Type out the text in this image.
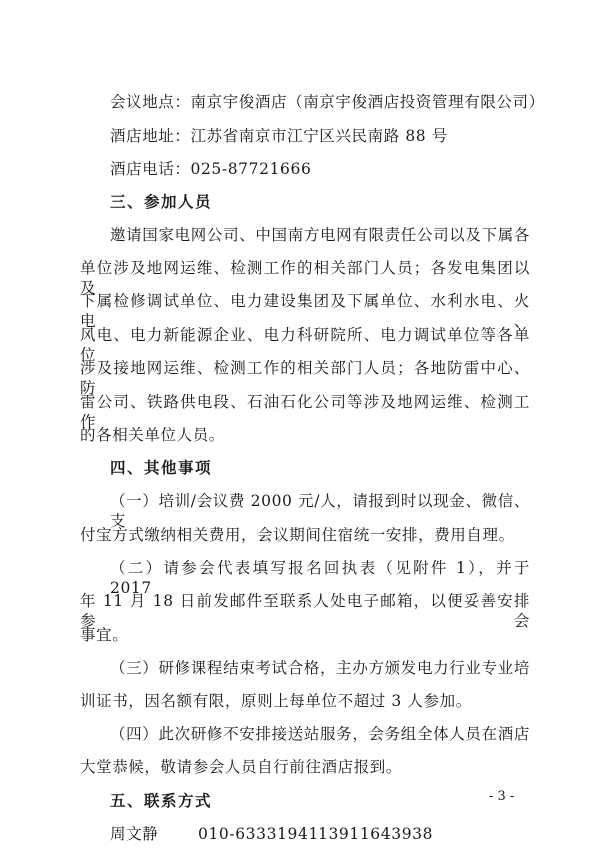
会议地点：南京宇俊酒店（南京宇俊酒店投资管理有限公司）
酒店地址：江苏省南京市江宁区兴民南路 88 号
酒店电话：025-87721666
三、参加人员
邀请国家电网公司、中国南方电网有限责任公司以及下属各
单位涉及地网运维、检测工作的相关部门人员；各发电集团以及
下属检修调试单位、电力建设集团及下属单位、水利水电、火电、
风电、电力新能源企业、电力科研院所、电力调试单位等各单位
涉及接地网运维、检测工作的相关部门人员；各地防雷中心、防
雷公司、铁路供电段、石油石化公司等涉及地网运维、检测工作
的各相关单位人员。
四、其他事项
（一）培训/会议费 2000 元/人，请报到时以现金、微信、支
付宝方式缴纳相关费用，会议期间住宿统一安排，费用自理。
（二）请参会代表填写报名回执表（见附件 1），并于 2017
年 11 月 18 日前发邮件至联系人处电子邮箱，以便妥善安排参会
事宜。
（三）研修课程结束考试合格，主办方颁发电力行业专业培
训证书，因名额有限，原则上每单位不超过 3 人参加。
（四）此次研修不安排接送站服务，会务组全体人员在酒店
大堂恭候，敬请参会人员自行前往酒店报到。
五、联系方式
周文静	010-6333194113911643938
- 3 -
